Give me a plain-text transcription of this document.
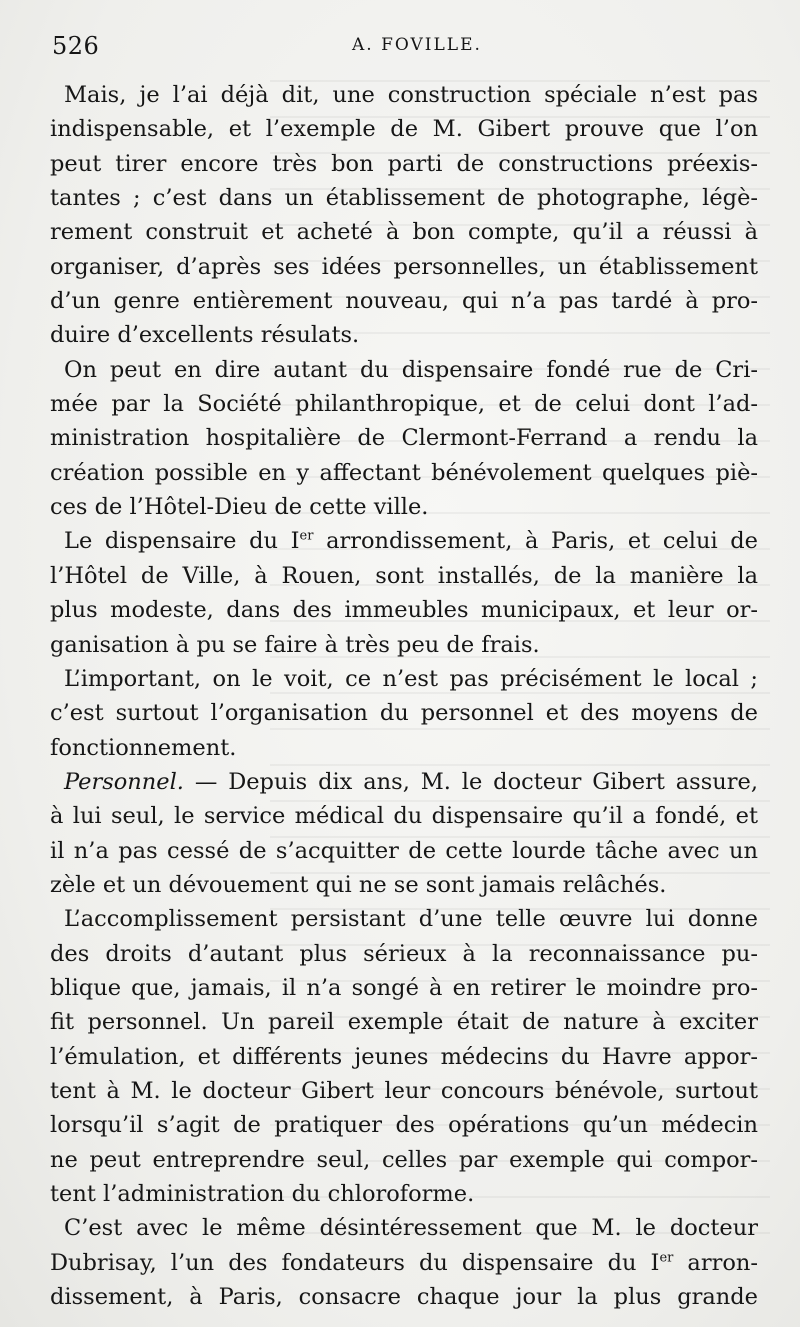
526	A. FOVILLE.
Mais, je l’ai déjà dit, une construction spéciale n’est pas
indispensable, et l’exemple de M. Gibert prouve que l’on
peut tirer encore très bon parti de constructions préexis-
tantes ; c’est dans un établissement de photographe, légè-
rement construit et acheté à bon compte, qu’il a réussi à
organiser, d’après ses idées personnelles, un établissement
d’un genre entièrement nouveau, qui n’a pas tardé à pro-
duire d’excellents résulats.
On peut en dire autant du dispensaire fondé rue de Cri-
mée par la Société philanthropique, et de celui dont l’ad-
ministration hospitalière de Clermont-Ferrand a rendu la
création possible en y affectant bénévolement quelques piè-
ces de l’Hôtel-Dieu de cette ville.
Le dispensaire du Ier arrondissement, à Paris, et celui de
l’Hôtel de Ville, à Rouen, sont installés, de la manière la
plus modeste, dans des immeubles municipaux, et leur or-
ganisation à pu se faire à très peu de frais.
L’important, on le voit, ce n’est pas précisément le local ;
c’est surtout l’organisation du personnel et des moyens de
fonctionnement.
Personnel. — Depuis dix ans, M. le docteur Gibert assure,
à lui seul, le service médical du dispensaire qu’il a fondé, et
il n’a pas cessé de s’acquitter de cette lourde tâche avec un
zèle et un dévouement qui ne se sont jamais relâchés.
L’accomplissement persistant d’une telle œuvre lui donne
des droits d’autant plus sérieux à la reconnaissance pu-
blique que, jamais, il n’a songé à en retirer le moindre pro-
fit personnel. Un pareil exemple était de nature à exciter
l’émulation, et différents jeunes médecins du Havre appor-
tent à M. le docteur Gibert leur concours bénévole, surtout
lorsqu’il s’agit de pratiquer des opérations qu’un médecin
ne peut entreprendre seul, celles par exemple qui compor-
tent l’administration du chloroforme.
C’est avec le même désintéressement que M. le docteur
Dubrisay, l’un des fondateurs du dispensaire du Ier arron-
dissement, à Paris, consacre chaque jour la plus grande
